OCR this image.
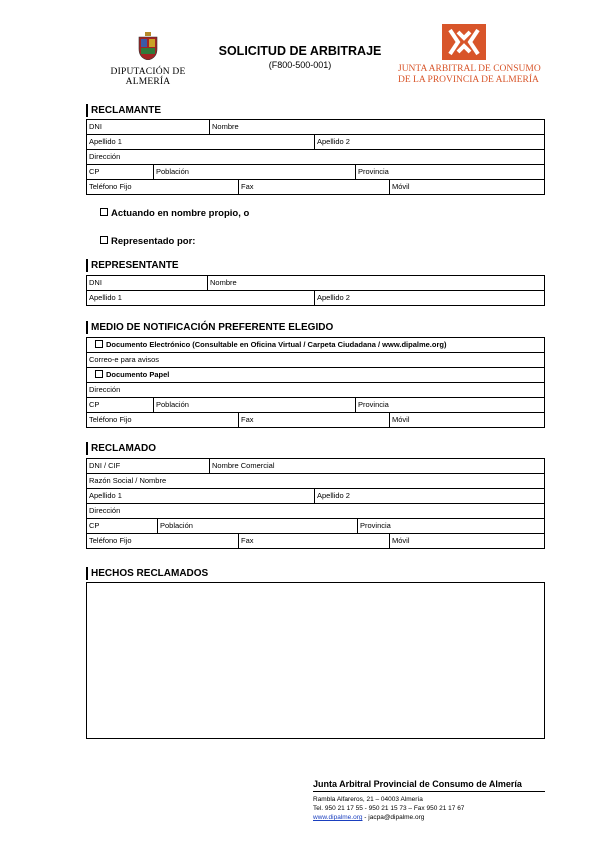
DIPUTACIÓN DE ALMERÍA
SOLICITUD DE ARBITRAJE
(F800-500-001)	JUNTA ARBITRAL DE CONSUMO
DE LA PROVINCIA DE ALMERÍA
RECLAMANTE
DNI	Nombre
Apellido 1	Apellido 2
Dirección
CP	Población	Provincia
Teléfono Fijo	Fax	Móvil
Actuando en nombre propio, o
Representado por:
REPRESENTANTE
DNI	Nombre
Apellido 1	Apellido 2
MEDIO DE NOTIFICACIÓN PREFERENTE ELEGIDO
Documento Electrónico (Consultable en Oficina Virtual / Carpeta Ciudadana / www.dipalme.org)
Correo-e para avisos
Documento Papel
Dirección
CP	Población	Provincia
Teléfono Fijo	Fax	Móvil
RECLAMADO
DNI / CIF	Nombre Comercial
Razón Social / Nombre
Apellido 1	Apellido 2
Dirección
CP	Población	Provincia
Teléfono Fijo	Fax	Móvil
HECHOS RECLAMADOS
Junta Arbitral Provincial de Consumo de Almería
Rambla Alfareros, 21 – 04003 Almería
Tel. 950 21 17 55 - 950 21 15 73 – Fax 950 21 17 67
www.dipalme.org - jacpa@dipalme.org
